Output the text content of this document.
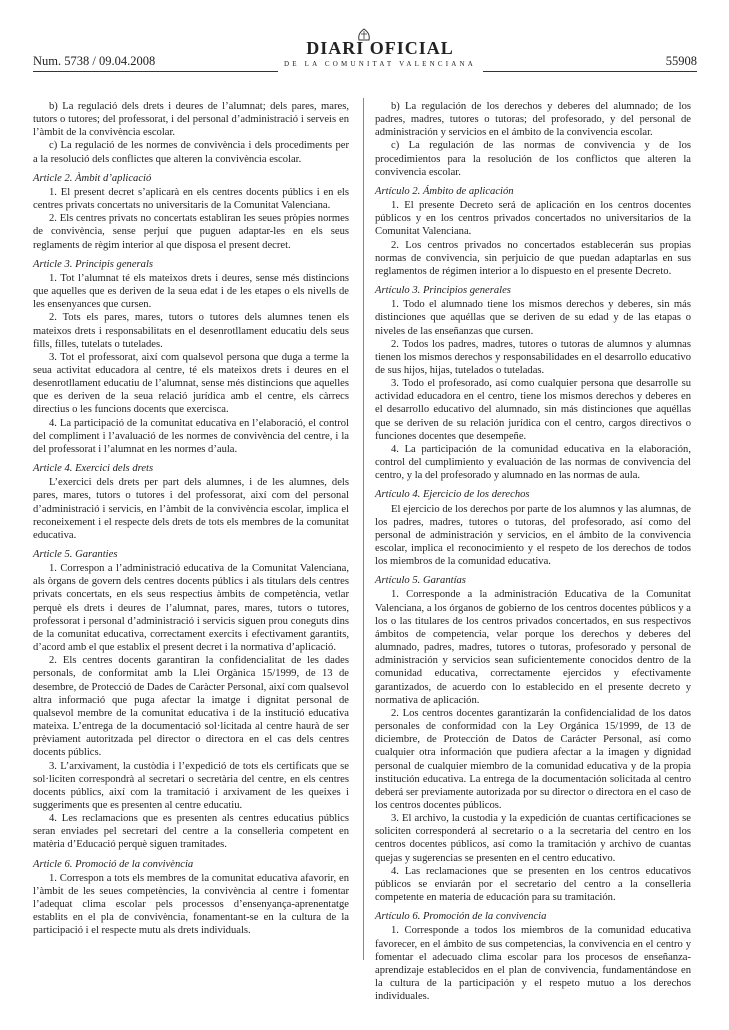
Num. 5738 / 09.04.2008
DIARI OFICIAL
DE LA COMUNITAT VALENCIANA	55908

b) La regulació dels drets i deures de l’alumnat; dels pares, mares, tutors o tutores; del professorat, i del personal d’administració i serveis en l’àmbit de la convivència escolar.

c) La regulació de les normes de convivència i dels procediments per a la resolució dels conflictes que alteren la convivència escolar.

Article 2. Àmbit d’aplicació

1. El present decret s’aplicarà en els centres docents públics i en els centres privats concertats no universitaris de la Comunitat Valenciana.

2. Els centres privats no concertats establiran les seues pròpies normes de convivència, sense perjuí que puguen adaptar-les en els seus reglaments de règim interior al que disposa el present decret.

Article 3. Principis generals

1. Tot l’alumnat té els mateixos drets i deures, sense més distincions que aquelles que es deriven de la seua edat i de les etapes o els nivells de les ensenyances que cursen.

2. Tots els pares, mares, tutors o tutores dels alumnes tenen els mateixos drets i responsabilitats en el desenrotllament educatiu dels seus fills, filles, tutelats o tutelades.

3. Tot el professorat, així com qualsevol persona que duga a terme la seua activitat educadora al centre, té els mateixos drets i deures en el desenrotllament educatiu de l’alumnat, sense més distincions que aquelles que es deriven de la seua relació jurídica amb el centre, els càrrecs directius o les funcions docents que exercisca.

4. La participació de la comunitat educativa en l’elaboració, el control del compliment i l’avaluació de les normes de convivència del centre, i la del professorat i l’alumnat en les normes d’aula.

Article 4. Exercici dels drets

L’exercici dels drets per part dels alumnes, i de les alumnes, dels pares, mares, tutors o tutores i del professorat, així com del personal d’administració i servicis, en l’àmbit de la convivència escolar, implica el reconeixement i el respecte dels drets de tots els membres de la comunitat educativa.

Article 5. Garanties

1. Correspon a l’administració educativa de la Comunitat Valenciana, als òrgans de govern dels centres docents públics i als titulars dels centres privats concertats, en els seus respectius àmbits de competència, vetlar perquè els drets i deures de l’alumnat, pares, mares, tutors o tutores, professorat i personal d’administració i servicis siguen prou coneguts dins de la comunitat educativa, correctament exercits i efectivament garantits, d’acord amb el que establix el present decret i la normativa d’aplicació.

2. Els centres docents garantiran la confidencialitat de les dades personals, de conformitat amb la Llei Orgànica 15/1999, de 13 de desembre, de Protecció de Dades de Caràcter Personal, així com qualsevol altra informació que puga afectar la imatge i dignitat personal de qualsevol membre de la comunitat educativa i de la institució educativa mateixa. L’entrega de la documentació sol·licitada al centre haurà de ser prèviament autoritzada pel director o directora en el cas dels centres docents públics.

3. L’arxivament, la custòdia i l’expedició de tots els certificats que se sol·liciten correspondrà al secretari o secretària del centre, en els centres docents públics, així com la tramitació i arxivament de les queixes i suggeriments que es presenten al centre educatiu.

4. Les reclamacions que es presenten als centres educatius públics seran enviades pel secretari del centre a la conselleria competent en matèria d’Educació perquè siguen tramitades.

Article 6. Promoció de la convivència

1. Correspon a tots els membres de la comunitat educativa afavorir, en l’àmbit de les seues competències, la convivència al centre i fomentar l’adequat clima escolar pels processos d’ensenyança-aprenentatge establits en el pla de convivència, fonamentant-se en la cultura de la participació i el respecte mutu als drets individuals.

b) La regulación de los derechos y deberes del alumnado; de los padres, madres, tutores o tutoras; del profesorado, y del personal de administración y servicios en el ámbito de la convivencia escolar.

c) La regulación de las normas de convivencia y de los procedimientos para la resolución de los conflictos que alteren la convivencia escolar.

Artículo 2. Ámbito de aplicación

1. El presente Decreto será de aplicación en los centros docentes públicos y en los centros privados concertados no universitarios de la Comunitat Valenciana.

2. Los centros privados no concertados establecerán sus propias normas de convivencia, sin perjuicio de que puedan adaptarlas en sus reglamentos de régimen interior a lo dispuesto en el presente Decreto.

Artículo 3. Principios generales

1. Todo el alumnado tiene los mismos derechos y deberes, sin más distinciones que aquéllas que se deriven de su edad y de las etapas o niveles de las enseñanzas que cursen.

2. Todos los padres, madres, tutores o tutoras de alumnos y alumnas tienen los mismos derechos y responsabilidades en el desarrollo educativo de sus hijos, hijas, tutelados o tuteladas.

3. Todo el profesorado, así como cualquier persona que desarrolle su actividad educadora en el centro, tiene los mismos derechos y deberes en el desarrollo educativo del alumnado, sin más distinciones que aquéllas que se deriven de su relación jurídica con el centro, cargos directivos o funciones docentes que desempeñe.

4. La participación de la comunidad educativa en la elaboración, control del cumplimiento y evaluación de las normas de convivencia del centro, y la del profesorado y alumnado en las normas de aula.

Artículo 4. Ejercicio de los derechos

El ejercicio de los derechos por parte de los alumnos y las alumnas, de los padres, madres, tutores o tutoras, del profesorado, así como del personal de administración y servicios, en el ámbito de la convivencia escolar, implica el reconocimiento y el respeto de los derechos de todos los miembros de la comunidad educativa.

Artículo 5. Garantías

1. Corresponde a la administración Educativa de la Comunitat Valenciana, a los órganos de gobierno de los centros docentes públicos y a los o las titulares de los centros privados concertados, en sus respectivos ámbitos de competencia, velar porque los derechos y deberes del alumnado, padres, madres, tutores o tutoras, profesorado y personal de administración y servicios sean suficientemente conocidos dentro de la comunidad educativa, correctamente ejercidos y efectivamente garantizados, de acuerdo con lo establecido en el presente decreto y normativa de aplicación.

2. Los centros docentes garantizarán la confidencialidad de los datos personales de conformidad con la Ley Orgánica 15/1999, de 13 de diciembre, de Protección de Datos de Carácter Personal, así como cualquier otra información que pudiera afectar a la imagen y dignidad personal de cualquier miembro de la comunidad educativa y de la propia institución educativa. La entrega de la documentación solicitada al centro deberá ser previamente autorizada por su director o directora en el caso de los centros docentes públicos.

3. El archivo, la custodia y la expedición de cuantas certificaciones se soliciten corresponderá al secretario o a la secretaria del centro en los centros docentes públicos, así como la tramitación y archivo de cuantas quejas y sugerencias se presenten en el centro educativo.

4. Las reclamaciones que se presenten en los centros educativos públicos se enviarán por el secretario del centro a la conselleria competente en materia de educación para su tramitación.

Artículo 6. Promoción de la convivencia

1. Corresponde a todos los miembros de la comunidad educativa favorecer, en el ámbito de sus competencias, la convivencia en el centro y fomentar el adecuado clima escolar para los procesos de enseñanza-aprendizaje establecidos en el plan de convivencia, fundamentándose en la cultura de la participación y el respeto mutuo a los derechos individuales.
